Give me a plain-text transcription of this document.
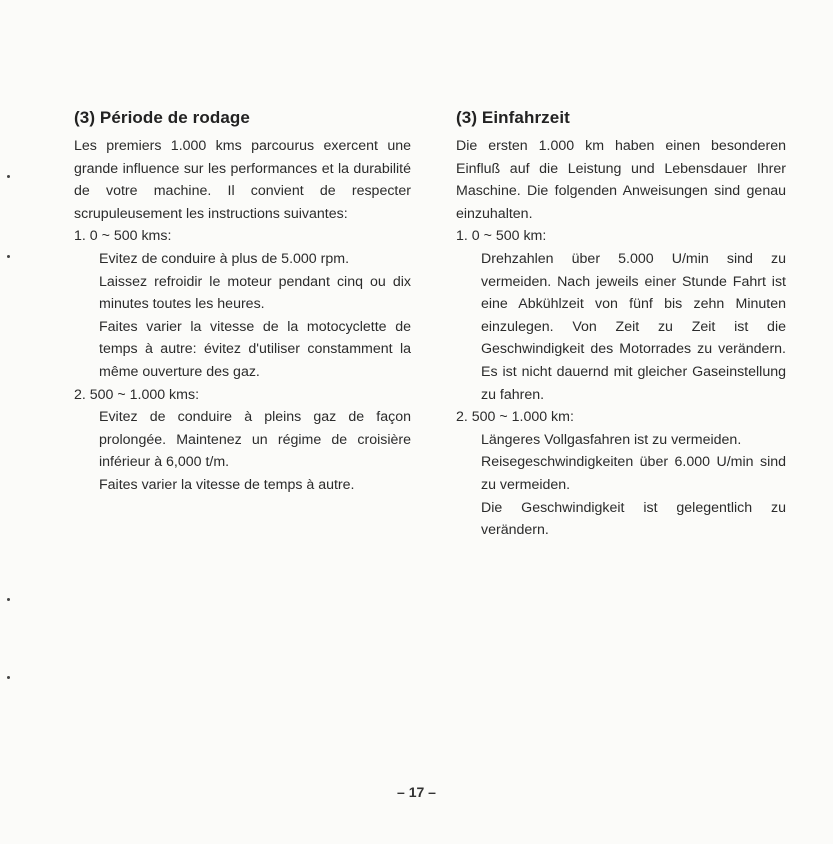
(3) Période de rodage

Les premiers 1.000 kms parcourus exercent une grande influence sur les performances et la durabilité de votre machine. Il convient de respecter scrupuleusement les instructions suivantes:

1. 0 ~ 500 kms:

Evitez de conduire à plus de 5.000 rpm.

Laissez refroidir le moteur pendant cinq ou dix minutes toutes les heures.

Faites varier la vitesse de la motocyclette de temps à autre: évitez d'utiliser constamment la même ouverture des gaz.

2. 500 ~ 1.000 kms:

Evitez de conduire à pleins gaz de façon prolongée. Maintenez un régime de croisière inférieur à 6,000 t/m.

Faites varier la vitesse de temps à autre.

(3) Einfahrzeit

Die ersten 1.000 km haben einen besonderen Einfluß auf die Leistung und Lebensdauer Ihrer Maschine. Die folgenden Anweisungen sind genau einzuhalten.

1. 0 ~ 500 km:

Drehzahlen über 5.000 U/min sind zu vermeiden. Nach jeweils einer Stunde Fahrt ist eine Abkühlzeit von fünf bis zehn Minuten einzulegen. Von Zeit zu Zeit ist die Geschwindigkeit des Motorrades zu verändern. Es ist nicht dauernd mit gleicher Gaseinstellung zu fahren.

2. 500 ~ 1.000 km:

Längeres Vollgasfahren ist zu vermeiden.

Reisegeschwindigkeiten über 6.000 U/min sind zu vermeiden.

Die Geschwindigkeit ist gelegentlich zu verändern.

– 17 –
